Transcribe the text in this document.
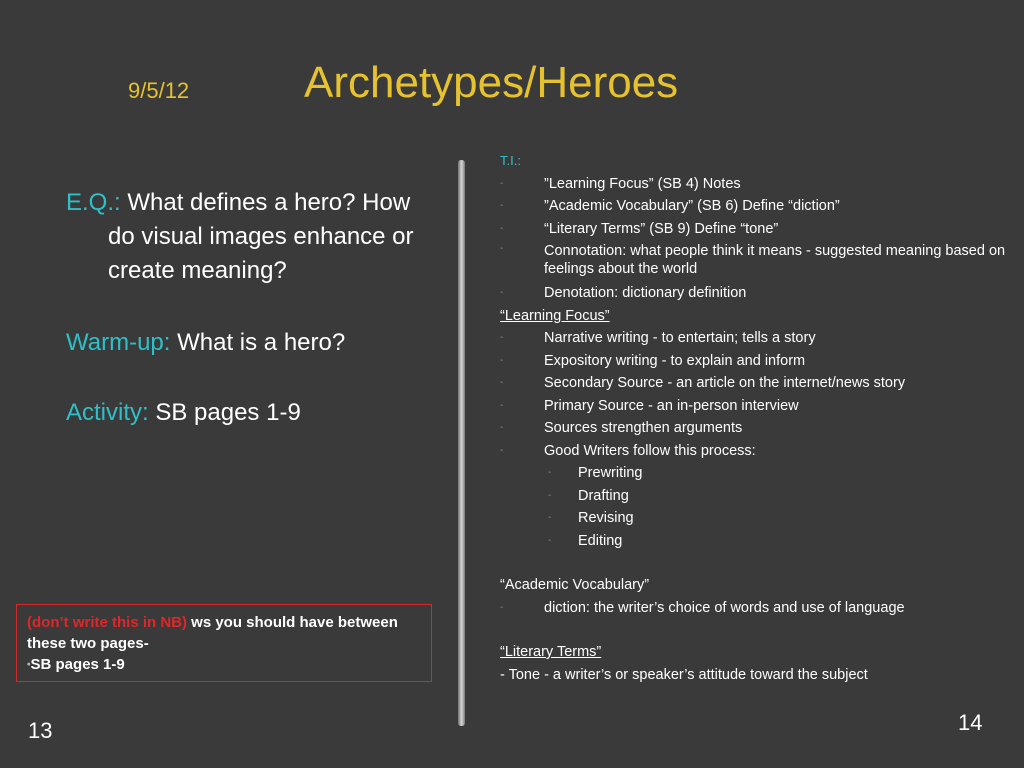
9/5/12	Archetypes/Heroes

E.Q.: What defines a hero? How do visual images enhance or create meaning?

Warm-up: What is a hero?

Activity: SB pages 1-9

(don’t write this in NB) ws you should have between these two pages-
•SB pages 1-9
T.I.:
-	”Learning Focus” (SB 4) Notes
-	”Academic Vocabulary” (SB 6) Define “diction”
-	“Literary Terms” (SB 9) Define “tone”
-	Connotation: what people think it means - suggested meaning based on feelings about the world
-	Denotation: dictionary definition
“Learning Focus”
-	Narrative writing - to entertain; tells a story
-	Expository writing - to explain and inform
-	Secondary Source - an article on the internet/news story
-	Primary Source - an in-person interview
-	Sources strengthen arguments
-	Good Writers follow this process:
- Prewriting
- Drafting
- Revising
- Editing
“Academic Vocabulary”
-	diction: the writer’s choice of words and use of language
“Literary Terms”
- Tone - a writer’s or speaker’s attitude toward the subject
13	14
